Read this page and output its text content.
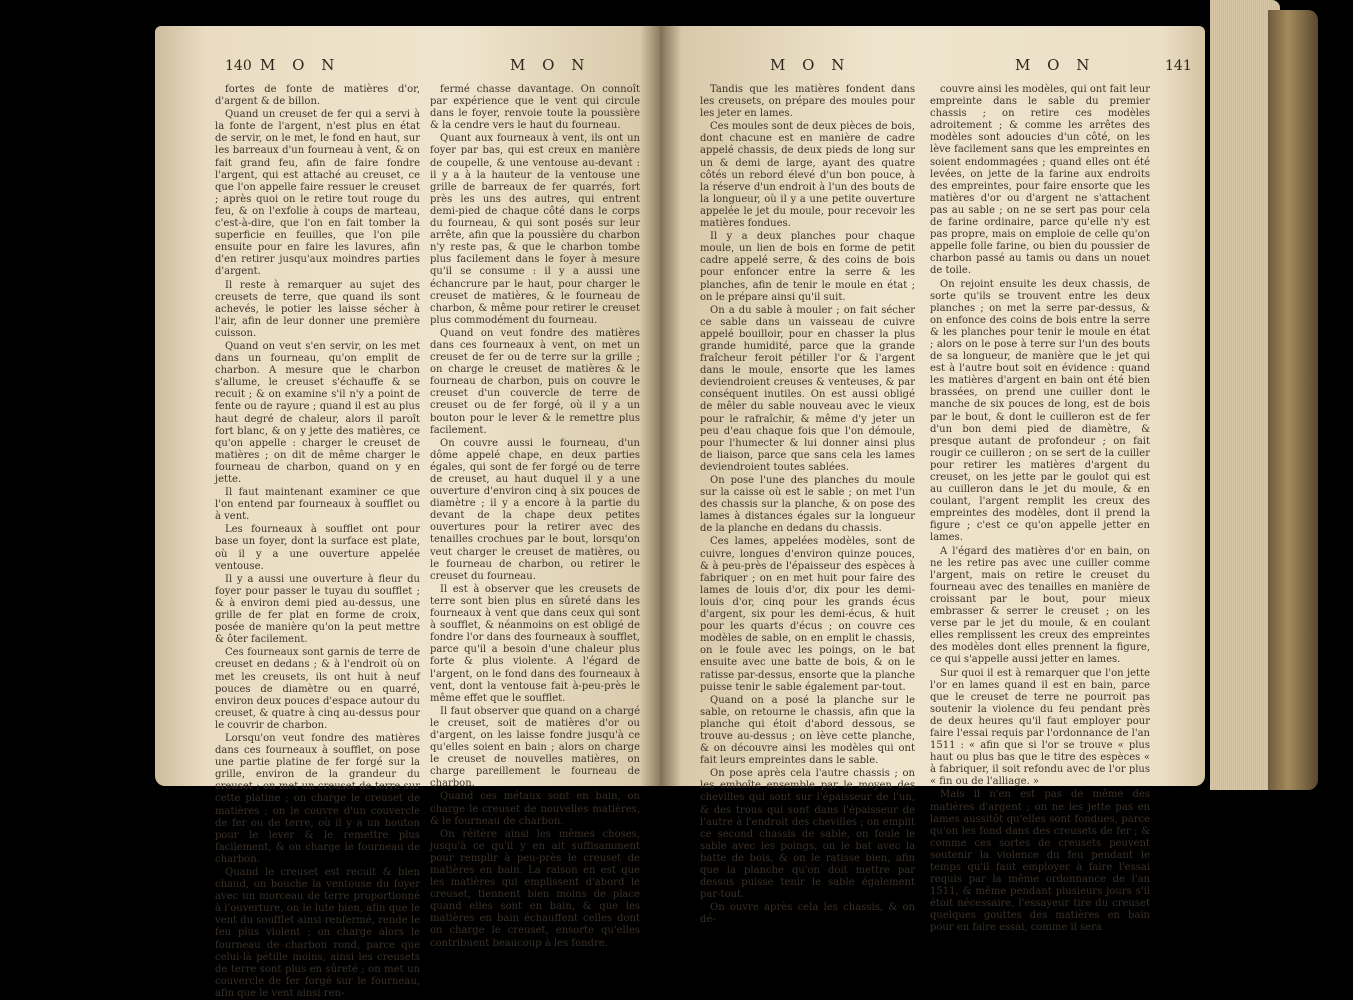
140 M O N	M O N

fortes de fonte de matières d'or, d'argent & de billon.

Quand un creuset de fer qui a servi à la fonte de l'argent, n'est plus en état de servir, on le met, le fond en haut, sur les barreaux d'un fourneau à vent, & on fait grand feu, afin de faire fondre l'argent, qui est attaché au creuset, ce que l'on appelle faire ressuer le creuset ; après quoi on le retire tout rouge du feu, & on l'exfolie à coups de marteau, c'est-à-dire, que l'on en fait tomber la superficie en feuilles, que l'on pile ensuite pour en faire les lavures, afin d'en retirer jusqu'aux moindres parties d'argent.

Il reste à remarquer au sujet des creusets de terre, que quand ils sont achevés, le potier les laisse sécher à l'air, afin de leur donner une première cuisson.

Quand on veut s'en servir, on les met dans un fourneau, qu'on emplit de charbon. A mesure que le charbon s'allume, le creuset s'échauffe & se recuit ; & on examine s'il n'y a point de fente ou de rayure ; quand il est au plus haut degré de chaleur, alors il paroît fort blanc, & on y jette des matières, ce qu'on appelle : charger le creuset de matières ; on dit de même charger le fourneau de charbon, quand on y en jette.

Il faut maintenant examiner ce que l'on entend par fourneaux à soufflet ou à vent.

Les fourneaux à soufflet ont pour base un foyer, dont la surface est plate, où il y a une ouverture appelée ventouse.

Il y a aussi une ouverture à fleur du foyer pour passer le tuyau du soufflet ; & à environ demi pied au-dessus, une grille de fer plat en forme de croix, posée de manière qu'on la peut mettre & ôter facilement.

Ces fourneaux sont garnis de terre de creuset en dedans ; & à l'endroit où on met les creusets, ils ont huit à neuf pouces de diamètre ou en quarré, environ deux pouces d'espace autour du creuset, & quatre à cinq au-dessus pour le couvrir de charbon.

Lorsqu'on veut fondre des matières dans ces fourneaux à soufflet, on pose une partie platine de fer forgé sur la grille, environ de la grandeur du creuset ; on met un creuset de terre sur cette platine ; on charge le creuset de matières ; on le couvre d'un couvercle de fer ou de terre, où il y a un bouton pour le lever & le remettre plus facilement, & on charge le fourneau de charbon.

Quand le creuset est recuit & bien chaud, on bouche la ventouse du foyer avec un morceau de terre proportionné à l'ouverture, on le lute bien, afin que le vent du soufflet ainsi renfermé, rende le feu plus violent ; on charge alors le fourneau de charbon rond, parce que celui-là pétille moins, ainsi les creusets de terre sont plus en sûreté ; on met un couvercle de fer forgé sur le fourneau, afin que le vent ainsi ren-

fermé chasse davantage. On connoît par expérience que le vent qui circule dans le foyer, renvoie toute la poussière & la cendre vers le haut du fourneau.

Quant aux fourneaux à vent, ils ont un foyer par bas, qui est creux en manière de coupelle, & une ventouse au-devant : il y a à la hauteur de la ventouse une grille de barreaux de fer quarrés, fort près les uns des autres, qui entrent demi-pied de chaque côté dans le corps du fourneau, & qui sont posés sur leur arrête, afin que la poussière du charbon n'y reste pas, & que le charbon tombe plus facilement dans le foyer à mesure qu'il se consume : il y a aussi une échancrure par le haut, pour charger le creuset de matières, & le fourneau de charbon, & même pour retirer le creuset plus commodément du fourneau.

Quand on veut fondre des matières dans ces fourneaux à vent, on met un creuset de fer ou de terre sur la grille ; on charge le creuset de matières & le fourneau de charbon, puis on couvre le creuset d'un couvercle de terre de creuset ou de fer forgé, où il y a un bouton pour le lever & le remettre plus facilement.

On couvre aussi le fourneau, d'un dôme appelé chape, en deux parties égales, qui sont de fer forgé ou de terre de creuset, au haut duquel il y a une ouverture d'environ cinq à six pouces de diamètre ; il y a encore à la partie du devant de la chape deux petites ouvertures pour la retirer avec des tenailles crochues par le bout, lorsqu'on veut charger le creuset de matières, ou le fourneau de charbon, ou retirer le creuset du fourneau.

Il est à observer que les creusets de terre sont bien plus en sûreté dans les fourneaux à vent que dans ceux qui sont à soufflet, & néanmoins on est obligé de fondre l'or dans des fourneaux à soufflet, parce qu'il a besoin d'une chaleur plus forte & plus violente. A l'égard de l'argent, on le fond dans des fourneaux à vent, dont la ventouse fait à-peu-près le même effet que le soufflet.

Il faut observer que quand on a chargé le creuset, soit de matières d'or ou d'argent, on les laisse fondre jusqu'à ce qu'elles soient en bain ; alors on charge le creuset de nouvelles matières, on charge pareillement le fourneau de charbon.

Quand ces métaux sont en bain, on charge le creuset de nouvelles matières, & le fourneau de charbon.

On réitère ainsi les mêmes choses, jusqu'à ce qu'il y en ait suffisamment pour remplir à peu-près le creuset de matières en bain. La raison en est que les matières qui emplissent d'abord le creuset, tiennent bien moins de place quand elles sont en bain, & que les matières en bain échauffent celles dont on charge le creuset, ensorte qu'elles contribuent beaucoup à les fondre.

M O N	M O N	141

Tandis que les matières fondent dans les creusets, on prépare des moules pour les jeter en lames.

Ces moules sont de deux pièces de bois, dont chacune est en manière de cadre appelé chassis, de deux pieds de long sur un & demi de large, ayant des quatre côtés un rebord élevé d'un bon pouce, à la réserve d'un endroit à l'un des bouts de la longueur, où il y a une petite ouverture appelée le jet du moule, pour recevoir les matières fondues.

Il y a deux planches pour chaque moule, un lien de bois en forme de petit cadre appelé serre, & des coins de bois pour enfoncer entre la serre & les planches, afin de tenir le moule en état ; on le prépare ainsi qu'il suit.

On a du sable à mouler ; on fait sécher ce sable dans un vaisseau de cuivre appelé bouilloir, pour en chasser la plus grande humidité, parce que la grande fraîcheur feroit pétiller l'or & l'argent dans le moule, ensorte que les lames deviendroient creuses & venteuses, & par conséquent inutiles. On est aussi obligé de mêler du sable nouveau avec le vieux pour le rafraîchir, & même d'y jeter un peu d'eau chaque fois que l'on démoule, pour l'humecter & lui donner ainsi plus de liaison, parce que sans cela les lames deviendroient toutes sablées.

On pose l'une des planches du moule sur la caisse où est le sable ; on met l'un des chassis sur la planche, & on pose des lames à distances égales sur la longueur de la planche en dedans du chassis.

Ces lames, appelées modèles, sont de cuivre, longues d'environ quinze pouces, & à peu-près de l'épaisseur des espèces à fabriquer ; on en met huit pour faire des lames de louis d'or, dix pour les demi-louis d'or, cinq pour les grands écus d'argent, six pour les demi-écus, & huit pour les quarts d'écus ; on couvre ces modèles de sable, on en emplit le chassis, on le foule avec les poings, on le bat ensuite avec une batte de bois, & on le ratisse par-dessus, ensorte que la planche puisse tenir le sable également par-tout.

Quand on a posé la planche sur le sable, on retourne le chassis, afin que la planche qui étoit d'abord dessous, se trouve au-dessus ; on lève cette planche, & on découvre ainsi les modèles qui ont fait leurs empreintes dans le sable.

On pose après cela l'autre chassis ; on les emboîte ensemble par le moyen des chevilles qui sont sur l'épaisseur de l'un, & des trous qui sont dans l'épaisseur de l'autre à l'endroit des chevilles ; on emplit ce second chassis de sable, on foule le sable avec les poings, on le bat avec la batte de bois, & on le ratisse bien, afin que la planche qu'on doit mettre par dessus puisse tenir le sable également par-tout.

On ouvre après cela les chassis, & on dé-

couvre ainsi les modèles, qui ont fait leur empreinte dans le sable du premier chassis ; on retire ces modèles adroitement ; & comme les arrêtes des modèles sont adoucies d'un côté, on les lève facilement sans que les empreintes en soient endommagées ; quand elles ont été levées, on jette de la farine aux endroits des empreintes, pour faire ensorte que les matières d'or ou d'argent ne s'attachent pas au sable ; on ne se sert pas pour cela de farine ordinaire, parce qu'elle n'y est pas propre, mais on emploie de celle qu'on appelle folle farine, ou bien du poussier de charbon passé au tamis ou dans un nouet de toile.

On rejoint ensuite les deux chassis, de sorte qu'ils se trouvent entre les deux planches ; on met la serre par-dessus, & on enfonce des coins de bois entre la serre & les planches pour tenir le moule en état ; alors on le pose à terre sur l'un des bouts de sa longueur, de manière que le jet qui est à l'autre bout soit en évidence : quand les matières d'argent en bain ont été bien brassées, on prend une cuiller dont le manche de six pouces de long, est de bois par le bout, & dont le cuilleron est de fer d'un bon demi pied de diamètre, & presque autant de profondeur ; on fait rougir ce cuilleron ; on se sert de la cuiller pour retirer les matières d'argent du creuset, on les jette par le goulot qui est au cuilleron dans le jet du moule, & en coulant, l'argent remplit les creux des empreintes des modèles, dont il prend la figure ; c'est ce qu'on appelle jetter en lames.

A l'égard des matières d'or en bain, on ne les retire pas avec une cuiller comme l'argent, mais on retire le creuset du fourneau avec des tenailles en manière de croissant par le bout, pour mieux embrasser & serrer le creuset ; on les verse par le jet du moule, & en coulant elles remplissent les creux des empreintes des modèles dont elles prennent la figure, ce qui s'appelle aussi jetter en lames.

Sur quoi il est à remarquer que l'on jette l'or en lames quand il est en bain, parce que le creuset de terre ne pourroit pas soutenir la violence du feu pendant près de deux heures qu'il faut employer pour faire l'essai requis par l'ordonnance de l'an 1511 : « afin que si l'or se trouve « plus haut ou plus bas que le titre des espèces « à fabriquer, il soit refondu avec de l'or plus « fin ou de l'alliage. »

Mais il n'en est pas de même des matières d'argent ; on ne les jette pas en lames aussitôt qu'elles sont fondues, parce qu'on les fond dans des creusets de fer ; & comme ces sortes de creusets peuvent soutenir la violence du feu pendant le temps qu'il faut employer à faire l'essai requis par la même ordonnance de l'an 1511, & même pendant plusieurs jours s'il étoit nécessaire, l'essayeur tire du creuset quelques gouttes des matières en bain pour en faire essai, comme il sera
